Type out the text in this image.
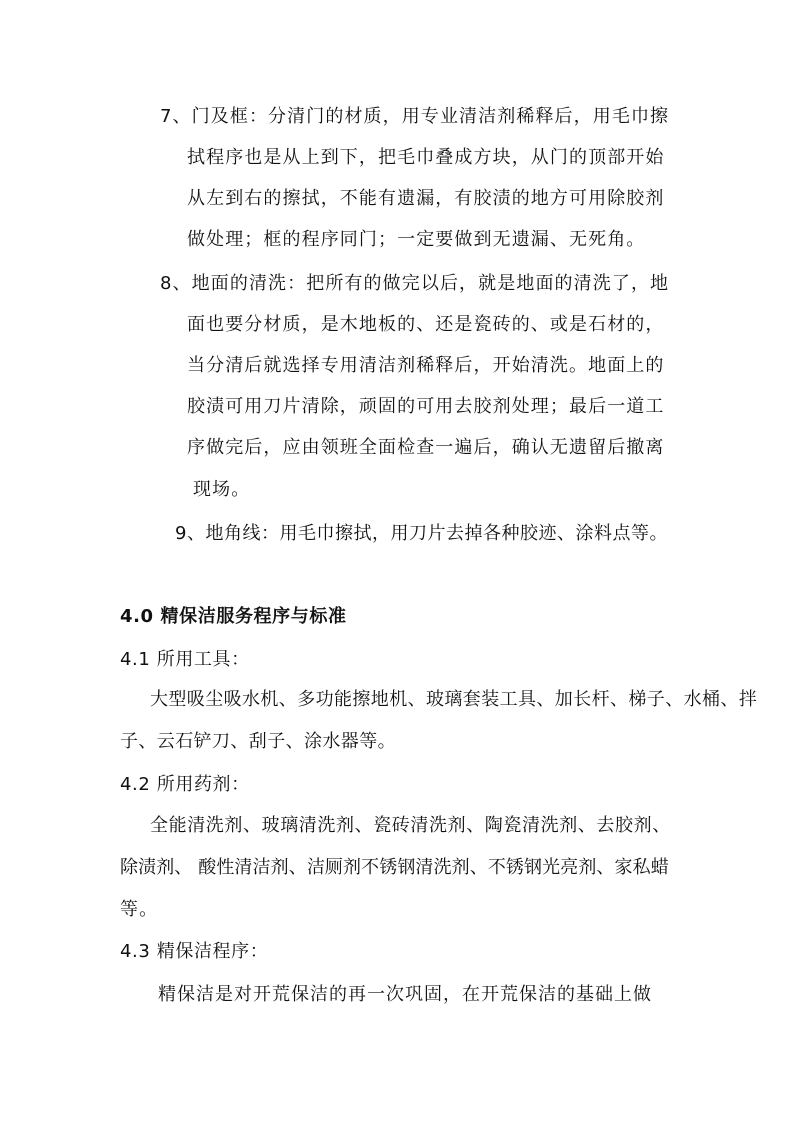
7、门及框：分清门的材质，用专业清洁剂稀释后，用毛巾擦
拭程序也是从上到下，把毛巾叠成方块，从门的顶部开始
从左到右的擦拭，不能有遗漏，有胶渍的地方可用除胶剂
做处理；框的程序同门；一定要做到无遗漏、无死角。
8、地面的清洗：把所有的做完以后，就是地面的清洗了，地
面也要分材质，是木地板的、还是瓷砖的、或是石材的，
当分清后就选择专用清洁剂稀释后，开始清洗。地面上的
胶渍可用刀片清除，顽固的可用去胶剂处理；最后一道工
序做完后，应由领班全面检查一遍后，确认无遗留后撤离
现场。
9、地角线：用毛巾擦拭，用刀片去掉各种胶迹、涂料点等。
4.0 精保洁服务程序与标准
4.1 所用工具：
大型吸尘吸水机、多功能擦地机、玻璃套装工具、加长杆、梯子、水桶、拌
子、云石铲刀、刮子、涂水器等。
4.2 所用药剂：
全能清洗剂、玻璃清洗剂、瓷砖清洗剂、陶瓷清洗剂、去胶剂、
除渍剂、 酸性清洁剂、洁厕剂不锈钢清洗剂、不锈钢光亮剂、家私蜡
等。
4.3 精保洁程序：
精保洁是对开荒保洁的再一次巩固，在开荒保洁的基础上做
